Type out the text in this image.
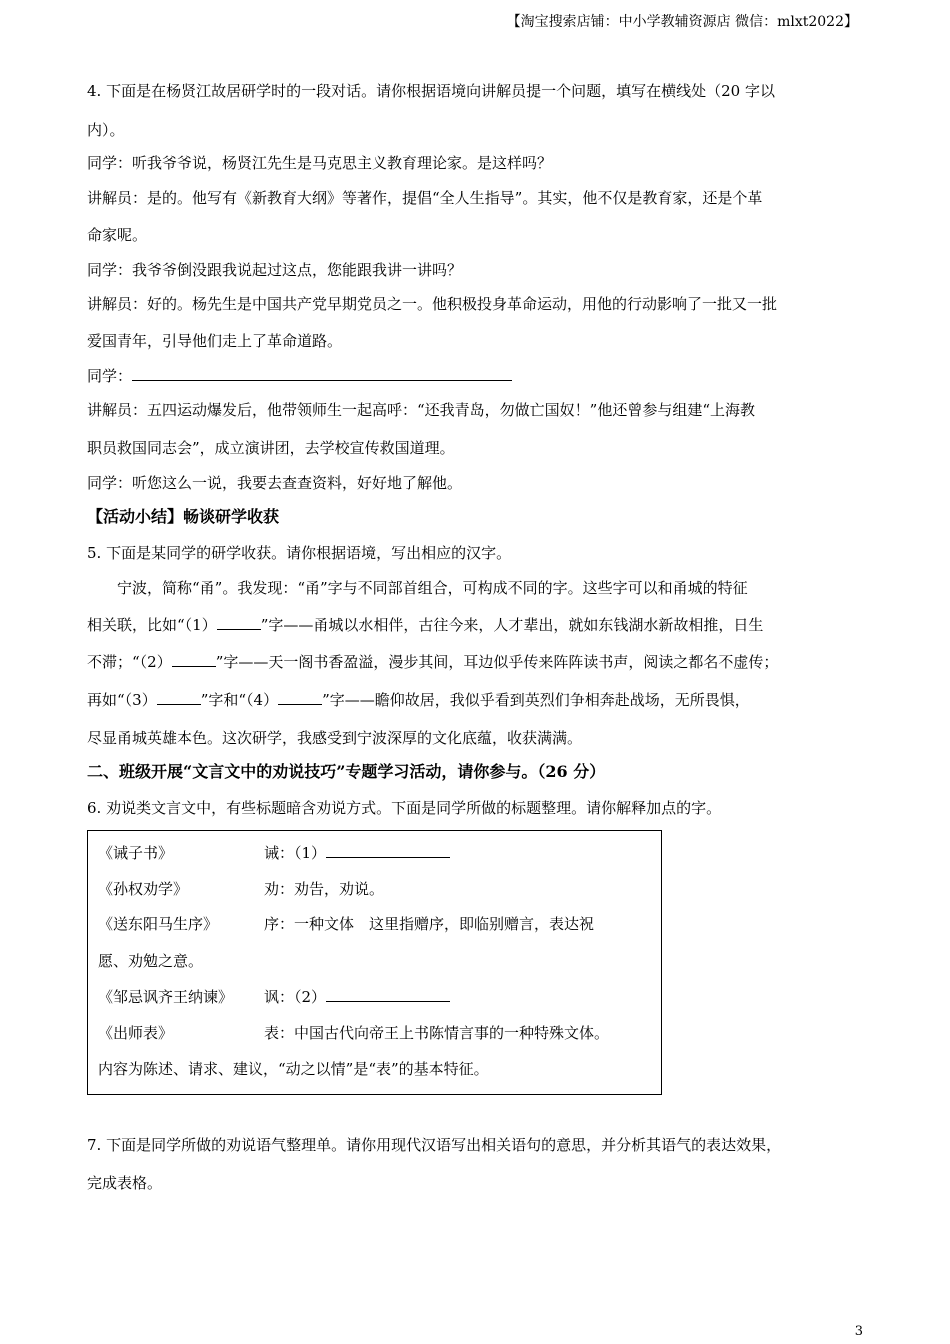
【淘宝搜索店铺：中小学教辅资源店 微信：mlxt2022】
4. 下面是在杨贤江故居研学时的一段对话。请你根据语境向讲解员提一个问题，填写在横线处（20 字以
内）。
同学：听我爷爷说，杨贤江先生是马克思主义教育理论家。是这样吗？
讲解员：是的。他写有《新教育大纲》等著作，提倡“全人生指导”。其实，他不仅是教育家，还是个革
命家呢。
同学：我爷爷倒没跟我说起过这点，您能跟我讲一讲吗？
讲解员：好的。杨先生是中国共产党早期党员之一。他积极投身革命运动，用他的行动影响了一批又一批
爱国青年，引导他们走上了革命道路。
同学：
讲解员：五四运动爆发后，他带领师生一起高呼：“还我青岛，勿做亡国奴！”他还曾参与组建“上海教
职员救国同志会”，成立演讲团，去学校宣传救国道理。
同学：听您这么一说，我要去查查资料，好好地了解他。
【活动小结】畅谈研学收获
5. 下面是某同学的研学收获。请你根据语境，写出相应的汉字。
宁波，简称“甬”。我发现：“甬”字与不同部首组合，可构成不同的字。这些字可以和甬城的特征
相关联，比如“（1）	”字——甬城以水相伴，古往今来，人才辈出，就如东钱湖水新故相推，日生
不滞；“（2）	”字——天一阁书香盈溢，漫步其间，耳边似乎传来阵阵读书声，阅读之都名不虚传；
再如“（3）	”字和“（4）	”字——瞻仰故居，我似乎看到英烈们争相奔赴战场，无所畏惧，
尽显甬城英雄本色。这次研学，我感受到宁波深厚的文化底蕴，收获满满。
二、班级开展“文言文中的劝说技巧”专题学习活动，请你参与。（26 分）
6. 劝说类文言文中，有些标题暗含劝说方式。下面是同学所做的标题整理。请你解释加点的字。
《诫子书》	诫：（1）
《孙权劝学》	劝：劝告，劝说。
《送东阳马生序》	序：一种文体　这里指赠序，即临别赠言，表达祝
愿、劝勉之意。
《邹忌讽齐王纳谏》 讽：（2）
《出师表》	表：中国古代向帝王上书陈情言事的一种特殊文体。
内容为陈述、请求、建议，“动之以情”是“表”的基本特征。
7. 下面是同学所做的劝说语气整理单。请你用现代汉语写出相关语句的意思，并分析其语气的表达效果，
完成表格。
3
